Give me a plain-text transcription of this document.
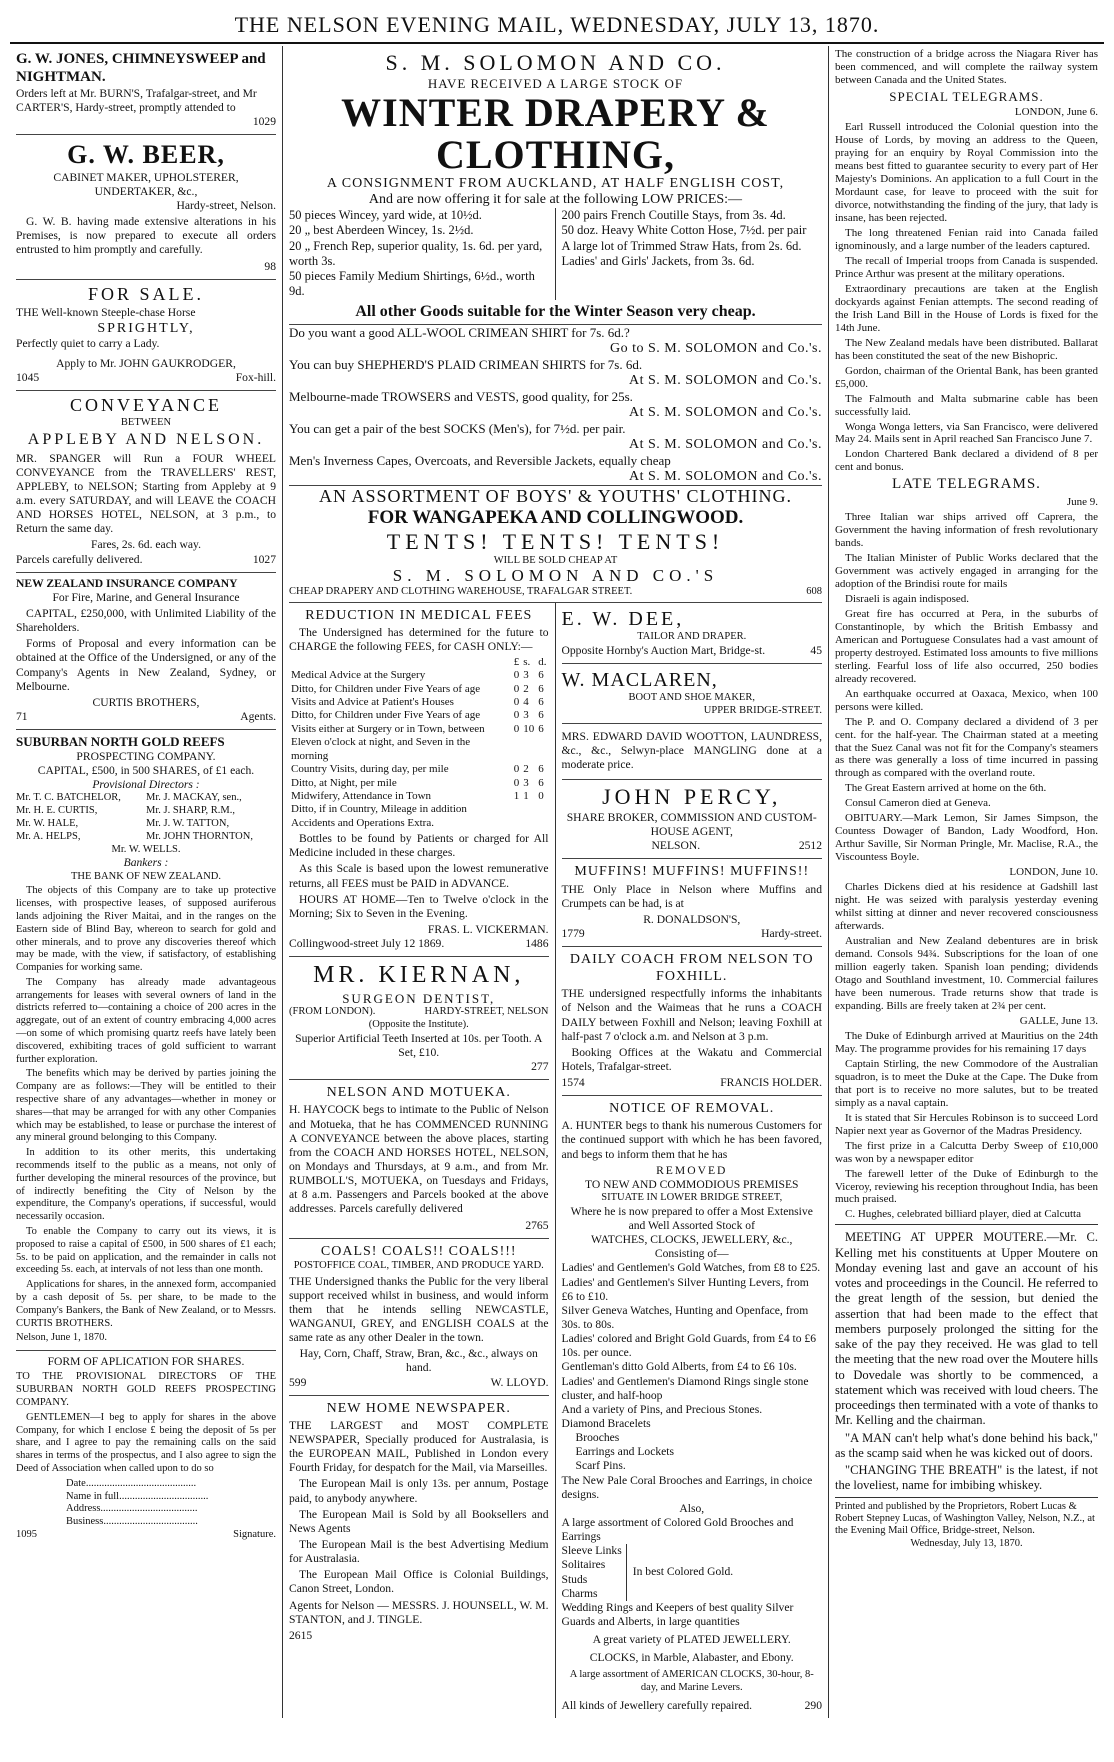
THE NELSON EVENING MAIL, WEDNESDAY, JULY 13, 1870.
G. W. JONES, CHIMNEYSWEEP and NIGHTMAN.
Orders left at Mr. BURN'S, Trafalgar-street, and Mr CARTER'S, Hardy-street, promptly attended to
1029
G. W. BEER,
CABINET MAKER, UPHOLSTERER, UNDERTAKER, &c.,
Hardy-street, Nelson.

G. W. B. having made extensive alterations in his Premises, is now prepared to execute all orders entrusted to him promptly and carefully.

98
FOR SALE.
THE Well-known Steeple-chase Horse
SPRIGHTLY,
Perfectly quiet to carry a Lady.
Apply to Mr. JOHN GAUKRODGER,
1045	Fox-hill.
CONVEYANCE
BETWEEN
APPLEBY AND NELSON.

MR. SPANGER will Run a FOUR WHEEL CONVEYANCE from the TRAVELLERS' REST, APPLEBY, to NELSON; Starting from Appleby at 9 a.m. every SATURDAY, and will LEAVE the COACH AND HORSES HOTEL, NELSON, at 3 p.m., to Return the same day.

Fares, 2s. 6d. each way.
Parcels carefully delivered.	1027
NEW ZEALAND INSURANCE COMPANY
For Fire, Marine, and General Insurance

CAPITAL, £250,000, with Unlimited Liability of the Shareholders.

Forms of Proposal and every information can be obtained at the Office of the Undersigned, or any of the Company's Agents in New Zealand, Sydney, or Melbourne.

CURTIS BROTHERS,
71	Agents.
SUBURBAN NORTH GOLD REEFS
PROSPECTING COMPANY.
CAPITAL, £500, in 500 SHARES, of £1 each.
Provisional Directors :
Mr. T. C. BATCHELOR,	Mr. J. MACKAY, sen.,
Mr. H. E. CURTIS,	Mr. J. SHARP, R.M.,
Mr. W. HALE,	Mr. J. W. TATTON,
Mr. A. HELPS,	Mr. JOHN THORNTON,
Mr. W. WELLS.
Bankers :
THE BANK OF NEW ZEALAND.

The objects of this Company are to take up protective licenses, with prospective leases, of supposed auriferous lands adjoining the River Maitai, and in the ranges on the Eastern side of Blind Bay, whereon to search for gold and other minerals, and to prove any discoveries thereof which may be made, with the view, if satisfactory, of establishing Companies for working same.

The Company has already made advantageous arrangements for leases with several owners of land in the districts referred to—containing a choice of 200 acres in the aggregate, out of an extent of country embracing 4,000 acres—on some of which promising quartz reefs have lately been discovered, exhibiting traces of gold sufficient to warrant further exploration.

The benefits which may be derived by parties joining the Company are as follows:—They will be entitled to their respective share of any advantages—whether in money or shares—that may be arranged for with any other Companies which may be established, to lease or purchase the interest of any mineral ground belonging to this Company.

In addition to its other merits, this undertaking recommends itself to the public as a means, not only of further developing the mineral resources of the province, but of indirectly benefiting the City of Nelson by the expenditure, the Company's operations, if successful, would necessarily occasion.

To enable the Company to carry out its views, it is proposed to raise a capital of £500, in 500 shares of £1 each; 5s. to be paid on application, and the remainder in calls not exceeding 5s. each, at intervals of not less than one month.

Applications for shares, in the annexed form, accompanied by a cash deposit of 5s. per share, to be made to the Company's Bankers, the Bank of New Zealand, or to Messrs. CURTIS BROTHERS.

Nelson, June 1, 1870.
FORM OF APLICATION FOR SHARES.

TO THE PROVISIONAL DIRECTORS OF THE SUBURBAN NORTH GOLD REEFS PROSPECTING COMPANY.

GENTLEMEN—I beg to apply for shares in the above Company, for which I enclose £ being the deposit of 5s per share, and I agree to pay the remaining calls on the said shares in terms of the prospectus, and I also agree to sign the Deed of Association when called upon to do so

Date..........................................
Name in full..................................
Address.....................................
Business....................................
1095	Signature.
S. M. SOLOMON AND CO.
HAVE RECEIVED A LARGE STOCK OF
WINTER DRAPERY & CLOTHING,
A CONSIGNMENT FROM AUCKLAND, AT HALF ENGLISH COST,
And are now offering it for sale at the following LOW PRICES:—
50 pieces Wincey, yard wide, at 10½d.
20 „ best Aberdeen Wincey, 1s. 2½d.
20 „ French Rep, superior quality, 1s. 6d. per yard, worth 3s.
50 pieces Family Medium Shirtings, 6½d., worth 9d.
200 pairs French Coutille Stays, from 3s. 4d.
50 doz. Heavy White Cotton Hose, 7½d. per pair
A large lot of Trimmed Straw Hats, from 2s. 6d.
Ladies' and Girls' Jackets, from 3s. 6d.
All other Goods suitable for the Winter Season very cheap.
Do you want a good ALL-WOOL CRIMEAN SHIRT for 7s. 6d.?
Go to S. M. SOLOMON and Co.'s.
You can buy SHEPHERD'S PLAID CRIMEAN SHIRTS for 7s. 6d.
At S. M. SOLOMON and Co.'s.
Melbourne-made TROWSERS and VESTS, good quality, for 25s.
At S. M. SOLOMON and Co.'s.
You can get a pair of the best SOCKS (Men's), for 7½d. per pair.
At S. M. SOLOMON and Co.'s.
Men's Inverness Capes, Overcoats, and Reversible Jackets, equally cheap
At S. M. SOLOMON and Co.'s.
AN ASSORTMENT OF BOYS' & YOUTHS' CLOTHING.
FOR WANGAPEKA AND COLLINGWOOD.
TENTS! TENTS! TENTS!
WILL BE SOLD CHEAP AT
S. M. SOLOMON AND CO.'S
CHEAP DRAPERY AND CLOTHING WAREHOUSE, TRAFALGAR STREET.	608
REDUCTION IN MEDICAL FEES

The Undersigned has determined for the future to CHARGE the following FEES, for CASH ONLY:—

	£	s.	d.
Medical Advice at the Surgery	0	3	6
Ditto, for Children under Five Years of age	0	2	6
Visits and Advice at Patient's Houses	0	4	6
Ditto, for Children under Five Years of age	0	3	6
Visits either at Surgery or in Town, between Eleven o'clock at night, and Seven in the morning	0	10	6
Country Visits, during day, per mile	0	2	6
Ditto, at Night, per mile	0	3	6
Midwifery, Attendance in Town	1	1	0
Ditto, if in Country, Mileage in addition Accidents and Operations Extra.			

Bottles to be found by Patients or charged for All Medicine included in these charges.

As this Scale is based upon the lowest remunerative returns, all FEES must be PAID in ADVANCE.

HOURS AT HOME—Ten to Twelve o'clock in the Morning; Six to Seven in the Evening.

FRAS. L. VICKERMAN.
Collingwood-street July 12 1869.	1486
MR. KIERNAN,
SURGEON DENTIST,
(FROM LONDON).	HARDY-STREET, NELSON
(Opposite the Institute).
Superior Artificial Teeth Inserted at 10s. per Tooth. A Set, £10.
277
NELSON AND MOTUEKA.

H. HAYCOCK begs to intimate to the Public of Nelson and Motueka, that he has COMMENCED RUNNING A CONVEYANCE between the above places, starting from the COACH AND HORSES HOTEL, NELSON, on Mondays and Thursdays, at 9 a.m., and from Mr. RUMBOLL'S, MOTUEKA, on Tuesdays and Fridays, at 8 a.m. Passengers and Parcels booked at the above addresses. Parcels carefully delivered

2765
COALS! COALS!! COALS!!!
POSTOFFICE COAL, TIMBER, AND PRODUCE YARD.

THE Undersigned thanks the Public for the very liberal support received whilst in business, and would inform them that he intends selling NEWCASTLE, WANGANUI, GREY, and ENGLISH COALS at the same rate as any other Dealer in the town.

Hay, Corn, Chaff, Straw, Bran, &c., &c., always on hand.
599	W. LLOYD.
NEW HOME NEWSPAPER.

THE LARGEST and MOST COMPLETE NEWSPAPER, Specially produced for Australasia, is the EUROPEAN MAIL, Published in London every Fourth Friday, for despatch for the Mail, via Marseilles.

The European Mail is only 13s. per annum, Postage paid, to anybody anywhere.

The European Mail is Sold by all Booksellers and News Agents

The European Mail is the best Advertising Medium for Australasia.

The European Mail Office is Colonial Buildings, Canon Street, London.

Agents for Nelson — MESSRS. J. HOUNSELL, W. M. STANTON, and J. TINGLE.

2615
E. W. DEE,
TAILOR AND DRAPER.
Opposite Hornby's Auction Mart, Bridge-st.	45
W. MACLAREN,
BOOT AND SHOE MAKER,
UPPER BRIDGE-STREET.

MRS. EDWARD DAVID WOOTTON, LAUNDRESS, &c., &c., Selwyn-place MANGLING done at a moderate price.

JOHN PERCY,
SHARE BROKER, COMMISSION AND CUSTOM-HOUSE AGENT,
NELSON.	2512
MUFFINS! MUFFINS! MUFFINS!!

THE Only Place in Nelson where Muffins and Crumpets can be had, is at

R. DONALDSON'S,
1779	Hardy-street.
DAILY COACH FROM NELSON TO FOXHILL.

THE undersigned respectfully informs the inhabitants of Nelson and the Waimeas that he runs a COACH DAILY between Foxhill and Nelson; leaving Foxhill at half-past 7 o'clock a.m. and Nelson at 3 p.m.

Booking Offices at the Wakatu and Commercial Hotels, Trafalgar-street.

1574	FRANCIS HOLDER.
NOTICE OF REMOVAL.

A. HUNTER begs to thank his numerous Customers for the continued support with which he has been favored, and begs to inform them that he has

REMOVED
TO NEW AND COMMODIOUS PREMISES
SITUATE IN LOWER BRIDGE STREET,
Where he is now prepared to offer a Most Extensive and Well Assorted Stock of
WATCHES, CLOCKS, JEWELLERY, &c.,
Consisting of—
Ladies' and Gentlemen's Gold Watches, from £8 to £25.
Ladies' and Gentlemen's Silver Hunting Levers, from £6 to £10.
Silver Geneva Watches, Hunting and Openface, from 30s. to 80s.
Ladies' colored and Bright Gold Guards, from £4 to £6 10s. per ounce.
Gentleman's ditto Gold Alberts, from £4 to £6 10s.
Ladies' and Gentlemen's Diamond Rings single stone cluster, and half-hoop
And a variety of Pins, and Precious Stones.
Diamond Bracelets
Brooches
Earrings and Lockets
Scarf Pins.
The New Pale Coral Brooches and Earrings, in choice designs.
Also,
A large assortment of Colored Gold Brooches and Earrings
Sleeve Links
Solitaires
Studs
Charms
In best Colored Gold.
Wedding Rings and Keepers of best quality Silver Guards and Alberts, in large quantities
A great variety of PLATED JEWELLERY.
CLOCKS, in Marble, Alabaster, and Ebony.
A large assortment of AMERICAN CLOCKS, 30-hour, 8-day, and Marine Levers.
All kinds of Jewellery carefully repaired.	290

The construction of a bridge across the Niagara River has been commenced, and will complete the railway system between Canada and the United States.

SPECIAL TELEGRAMS.
LONDON, June 6.

Earl Russell introduced the Colonial question into the House of Lords, by moving an address to the Queen, praying for an enquiry by Royal Commission into the means best fitted to guarantee security to every part of Her Majesty's Dominions. An application to a full Court in the Mordaunt case, for leave to proceed with the suit for divorce, notwithstanding the finding of the jury, that lady is insane, has been rejected.

The long threatened Fenian raid into Canada failed ignominously, and a large number of the leaders captured.

The recall of Imperial troops from Canada is suspended. Prince Arthur was present at the military operations.

Extraordinary precautions are taken at the English dockyards against Fenian attempts. The second reading of the Irish Land Bill in the House of Lords is fixed for the 14th June.

The New Zealand medals have been distributed. Ballarat has been constituted the seat of the new Bishopric.

Gordon, chairman of the Oriental Bank, has been granted £5,000.

The Falmouth and Malta submarine cable has been successfully laid.

Wonga Wonga letters, via San Francisco, were delivered May 24. Mails sent in April reached San Francisco June 7.

London Chartered Bank declared a dividend of 8 per cent and bonus.

LATE TELEGRAMS.
June 9.

Three Italian war ships arrived off Caprera, the Government the having information of fresh revolutionary bands.

The Italian Minister of Public Works declared that the Government was actively engaged in arranging for the adoption of the Brindisi route for mails

Disraeli is again indisposed.

Great fire has occurred at Pera, in the suburbs of Constantinople, by which the British Embassy and American and Portuguese Consulates had a vast amount of property destroyed. Estimated loss amounts to five millions sterling. Fearful loss of life also occurred, 250 bodies already recovered.

An earthquake occurred at Oaxaca, Mexico, when 100 persons were killed.

The P. and O. Company declared a dividend of 3 per cent. for the half-year. The Chairman stated at a meeting that the Suez Canal was not fit for the Company's steamers as there was generally a loss of time incurred in passing through as compared with the overland route.

The Great Eastern arrived at home on the 6th.

Consul Cameron died at Geneva.

OBITUARY.—Mark Lemon, Sir James Simpson, the Countess Dowager of Bandon, Lady Woodford, Hon. Arthur Saville, Sir Norman Pringle, Mr. Maclise, R.A., the Viscountess Boyle.

LONDON, June 10.

Charles Dickens died at his residence at Gadshill last night. He was seized with paralysis yesterday evening whilst sitting at dinner and never recovered consciousness afterwards.

Australian and New Zealand debentures are in brisk demand. Consols 94¾. Subscriptions for the loan of one million eagerly taken. Spanish loan pending; dividends Otago and Southland investment, 10. Commercial failures have been numerous. Trade returns show that trade is expanding. Bills are freely taken at 2¾ per cent.

GALLE, June 13.

The Duke of Edinburgh arrived at Mauritius on the 24th May. The programme provides for his remaining 17 days

Captain Stirling, the new Commodore of the Australian squadron, is to meet the Duke at the Cape. The Duke from that port is to receive no more salutes, but to be treated simply as a naval captain.

It is stated that Sir Hercules Robinson is to succeed Lord Napier next year as Governor of the Madras Presidency.

The first prize in a Calcutta Derby Sweep of £10,000 was won by a newspaper editor

The farewell letter of the Duke of Edinburgh to the Viceroy, reviewing his reception throughout India, has been much praised.

C. Hughes, celebrated billiard player, died at Calcutta

MEETING AT UPPER MOUTERE.—Mr. C. Kelling met his constituents at Upper Moutere on Monday evening last and gave an account of his votes and proceedings in the Council. He referred to the great length of the session, but denied the assertion that had been made to the effect that members purposely prolonged the sitting for the sake of the pay they received. He was glad to tell the meeting that the new road over the Moutere hills to Dovedale was shortly to be commenced, a statement which was received with loud cheers. The proceedings then terminated with a vote of thanks to Mr. Kelling and the chairman.

"A MAN can't help what's done behind his back," as the scamp said when he was kicked out of doors.

"CHANGING THE BREATH" is the latest, if not the loveliest, name for imbibing whiskey.

Printed and published by the Proprietors, Robert Lucas & Robert Stepney Lucas, of Washington Valley, Nelson, N.Z., at the Evening Mail Office, Bridge-street, Nelson.
Wednesday, July 13, 1870.
